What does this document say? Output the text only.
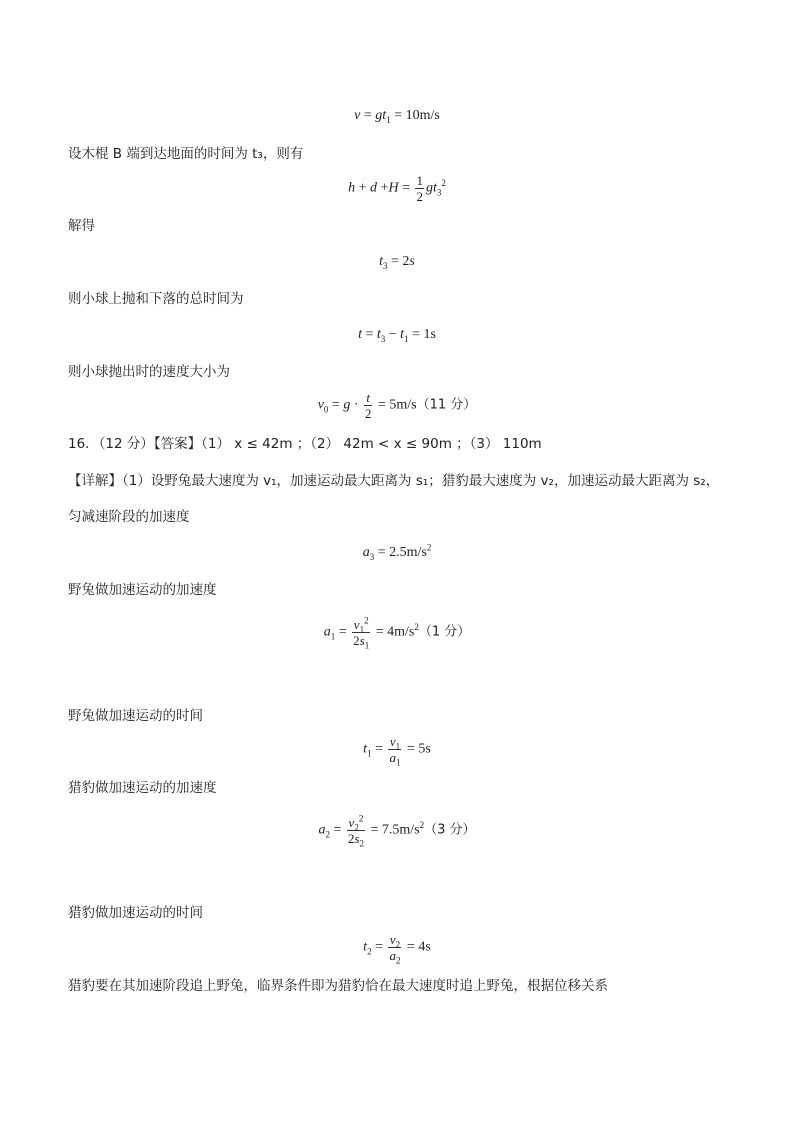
$v = gt_1 = 10m/s$
设木棍 B 端到达地面的时间为 t₃，则有
$h + d +H = \frac{1}{2} gt_3^2$
解得
$t_3 = 2s$
则小球上抛和下落的总时间为
$t = t_3 - t_1 = 1s$
则小球抛出时的速度大小为
$v_0 = g \cdot \frac{t}{2} = 5m/s(11$ 分）
16．（12 分）【答案】（1） x ≤ 42m ；（2） 42m < x ≤ 90m ；（3） 110m
【详解】（1）设野兔最大速度为 v₁，加速运动最大距离为 s₁；猎豹最大速度为 v₂，加速运动最大距离为 s₂，
匀减速阶段的加速度
$a_3 = 2.5m/s^2$
野兔做加速运动的加速度
$a_1 = \frac{v_1^2}{2s_1} = 4m/s^2(1$ 分）
野兔做加速运动的时间
$t_1 = \frac{v_1}{a_1} = 5s$
猎豹做加速运动的加速度
$a_2 = \frac{v_2^2}{2s_2} = 7.5m/s^2(3$ 分）
猎豹做加速运动的时间
$t_2 = \frac{v_2}{a_2} = 4s$
猎豹要在其加速阶段追上野兔，临界条件即为猎豹恰在最大速度时追上野兔，根据位移关系
